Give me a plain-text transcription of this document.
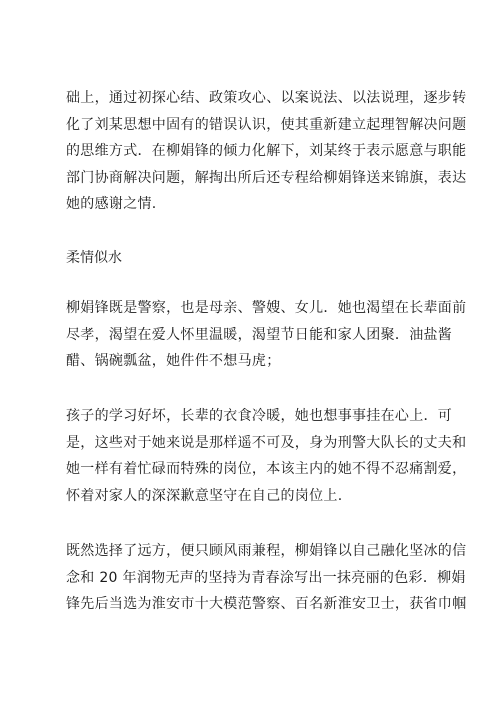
础上，通过初探心结、政策攻心、以案说法、以法说理，逐步转
化了刘某思想中固有的错误认识，使其重新建立起理智解决问题
的思维方式．在柳娟锋的倾力化解下，刘某终于表示愿意与职能
部门协商解决问题，解掏出所后还专程给柳娟锋送来锦旗，表达
她的感谢之情.

柔情似水

柳娟锋既是警察，也是母亲、警嫂、女儿．她也渴望在长辈面前
尽孝，渴望在爱人怀里温暖，渴望节日能和家人团聚．油盐酱
醋、锅碗瓢盆，她件件不想马虎；

孩子的学习好坏，长辈的衣食冷暖，她也想事事挂在心上．可
是，这些对于她来说是那样遥不可及，身为刑警大队长的丈夫和
她一样有着忙碌而特殊的岗位，本该主内的她不得不忍痛割爱，
怀着对家人的深深歉意坚守在自己的岗位上.

既然选择了远方，便只顾风雨兼程，柳娟锋以自己融化坚冰的信
念和 20 年润物无声的坚持为青春涂写出一抹亮丽的色彩．柳娟
锋先后当选为淮安市十大模范警察、百名新淮安卫士，获省巾帼
